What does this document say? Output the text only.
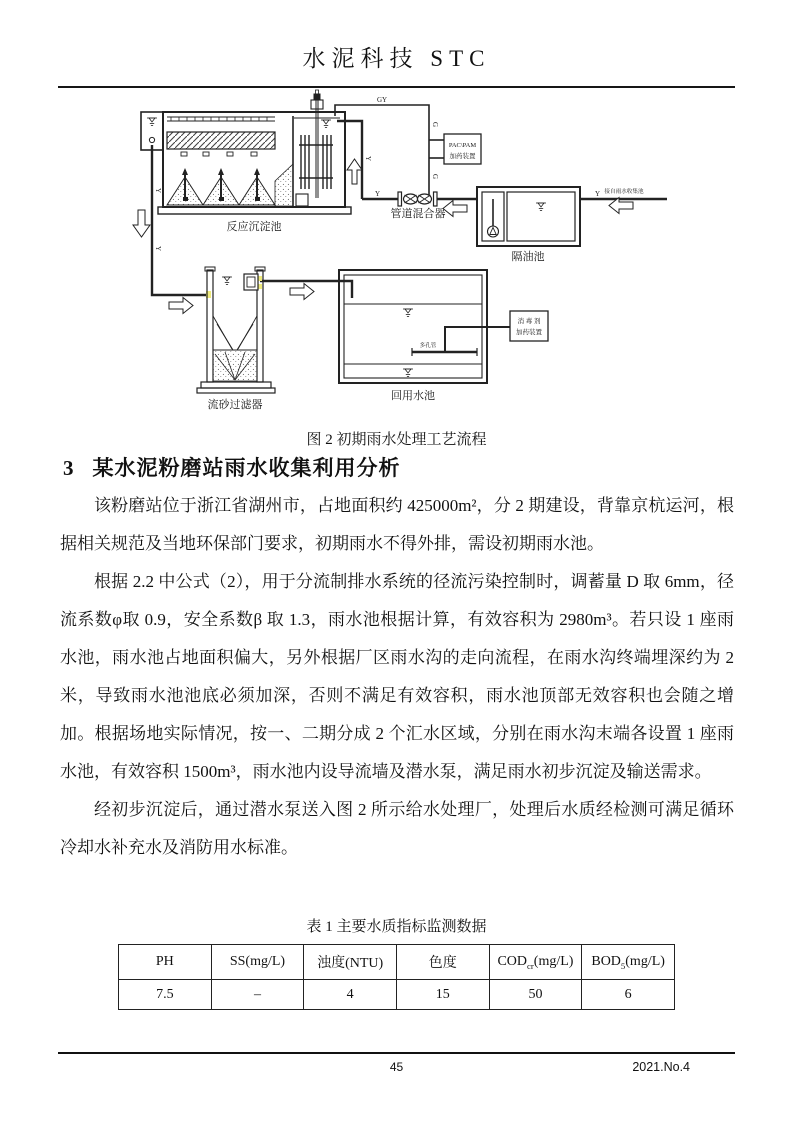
水泥科技 STC
反应沉淀池
管道混合器
PAC\PAM
加药装置
GY
G
G
Y
Y	Y
Y
Y
接自雨水收集池
隔油池
流砂过滤器
多孔管
消 毒 剂
加药装置
回用水池
图 2 初期雨水处理工艺流程
3 某水泥粉磨站雨水收集利用分析

该粉磨站位于浙江省湖州市，占地面积约 425000m²，分 2 期建设，背靠京杭运河，根据相关规范及当地环保部门要求，初期雨水不得外排，需设初期雨水池。

根据 2.2 中公式（2），用于分流制排水系统的径流污染控制时，调蓄量 D 取 6mm，径流系数φ取 0.9，安全系数β 取 1.3，雨水池根据计算，有效容积为 2980m³。若只设 1 座雨水池，雨水池占地面积偏大，另外根据厂区雨水沟的走向流程，在雨水沟终端埋深约为 2 米，导致雨水池池底必须加深，否则不满足有效容积，雨水池顶部无效容积也会随之增加。根据场地实际情况，按一、二期分成 2 个汇水区域，分别在雨水沟末端各设置 1 座雨水池，有效容积 1500m³，雨水池内设导流墙及潜水泵，满足雨水初步沉淀及输送需求。

经初步沉淀后，通过潜水泵送入图 2 所示给水处理厂，处理后水质经检测可满足循环冷却水补充水及消防用水标准。

表 1 主要水质指标监测数据
PH	SS(mg/L)	浊度(NTU)	色度	$COD_{cr}(mg/L)$	$BOD_5(mg/L)$
7.5	–	4	15	50	6
45	2021.No.4
